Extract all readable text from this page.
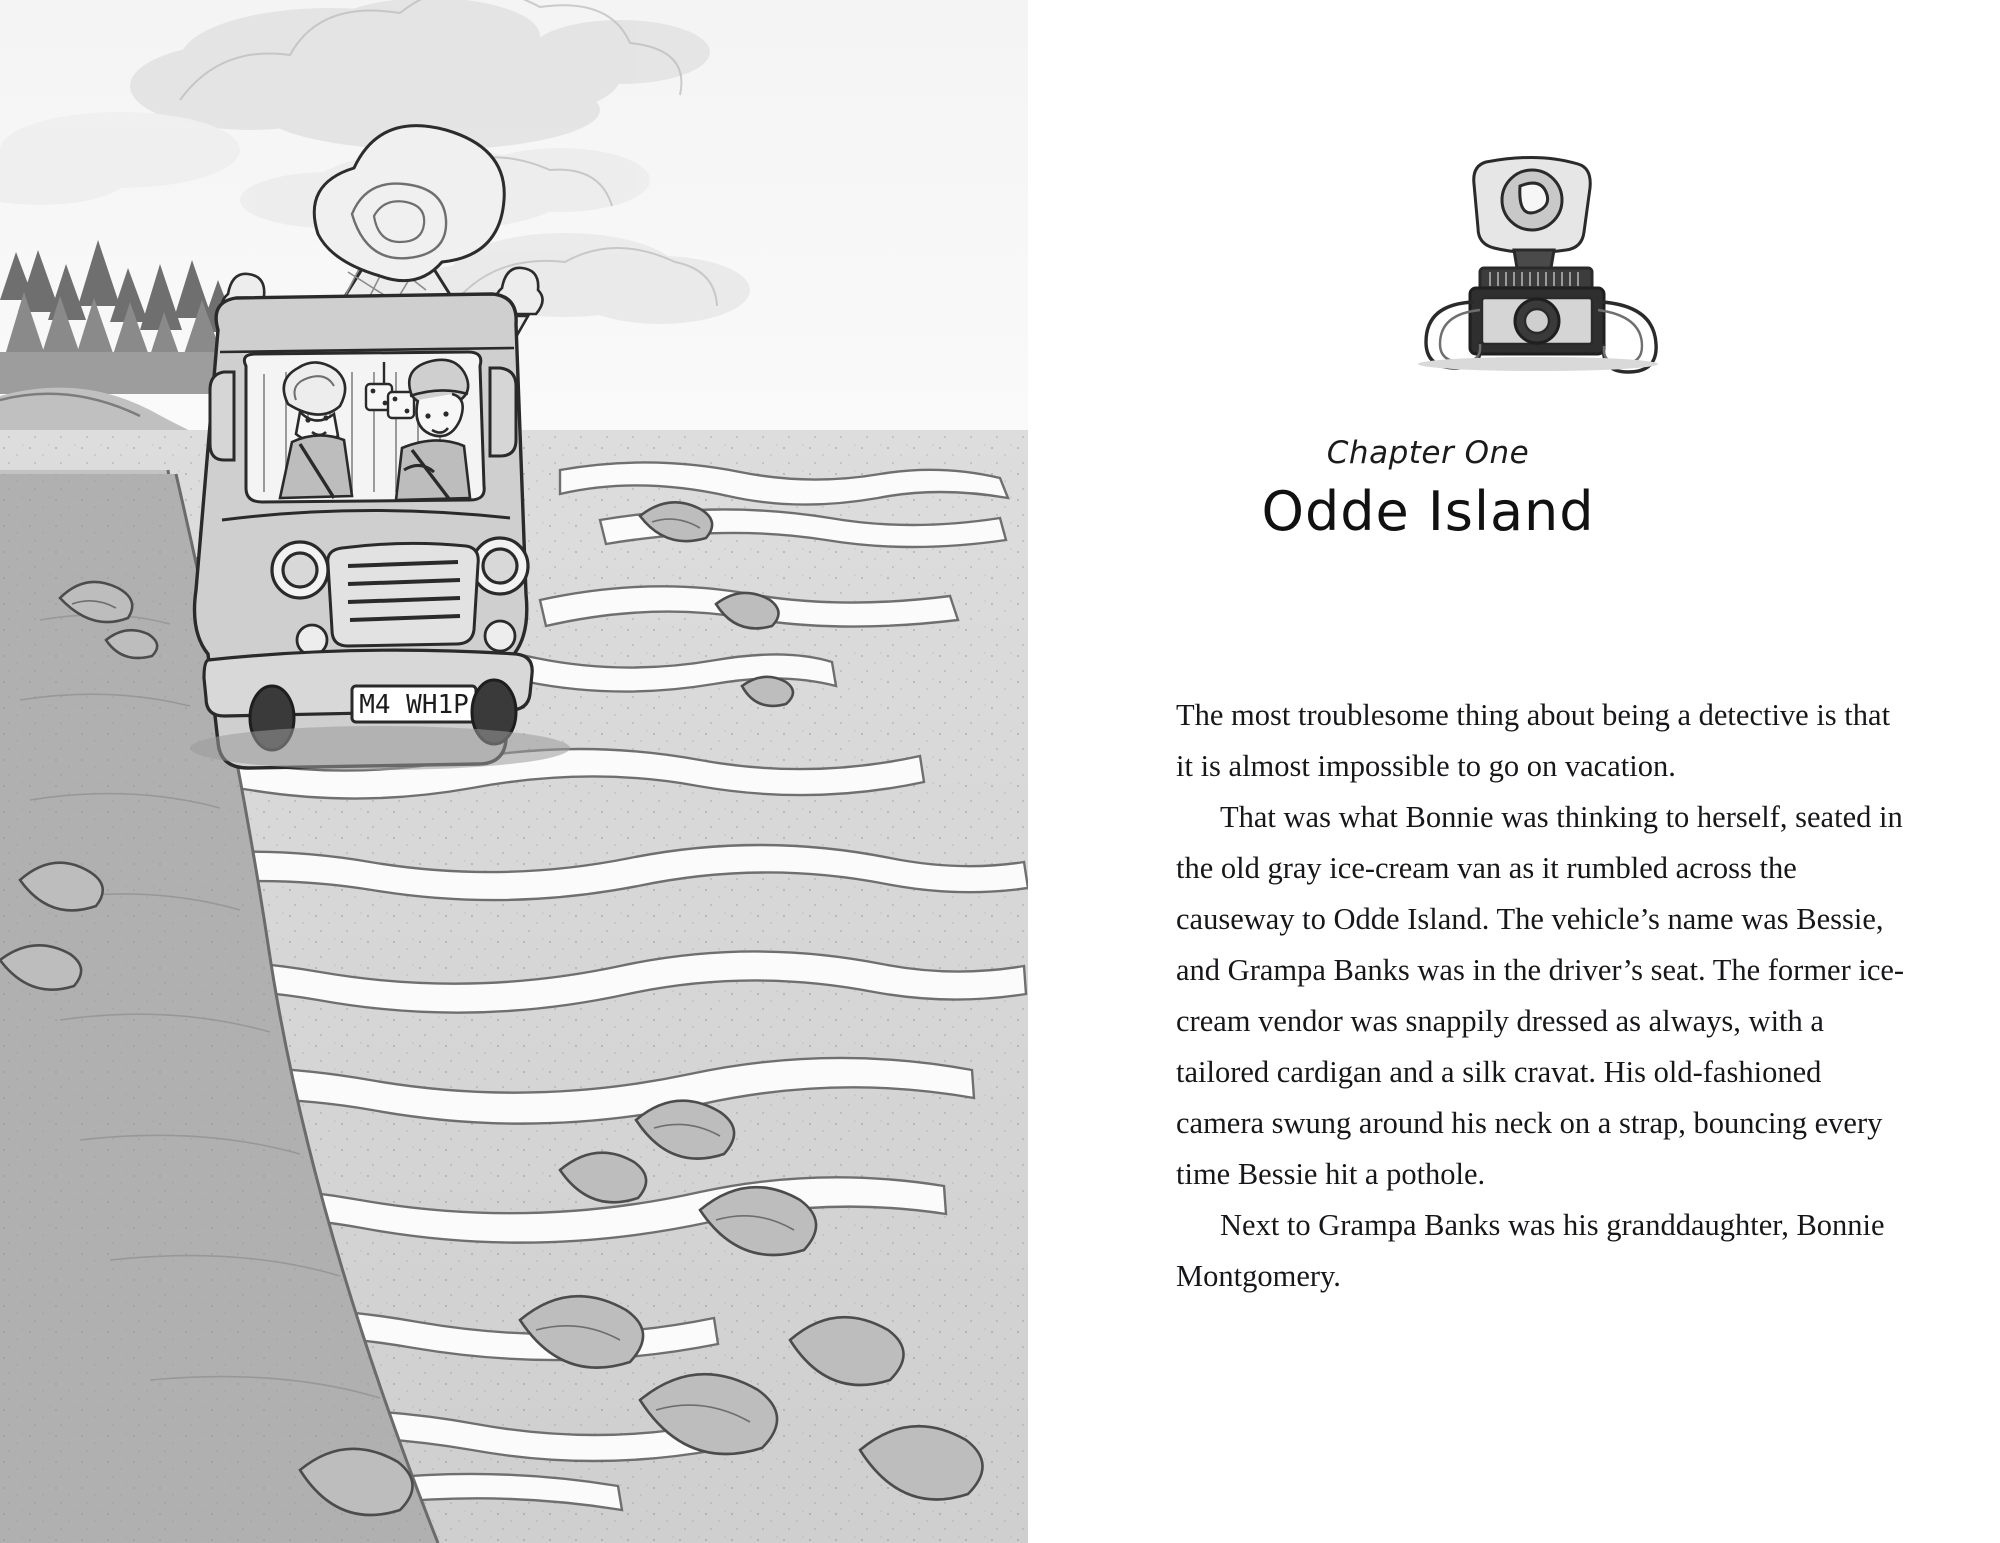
M4 WH1P
Chapter One
Odde Island

The most troublesome thing about being a detective is that it is almost impossible to go on vacation.

That was what Bonnie was thinking to herself, seated in the old gray ice-cream van as it rumbled across the causeway to Odde Island. The vehicle’s name was Bessie, and Grampa Banks was in the driver’s seat. The former ice-cream vendor was snappily dressed as always, with a tailored cardigan and a silk cravat. His old-fashioned camera swung around his neck on a strap, bouncing every time Bessie hit a pothole.

Next to Grampa Banks was his granddaughter, Bonnie Montgomery.
